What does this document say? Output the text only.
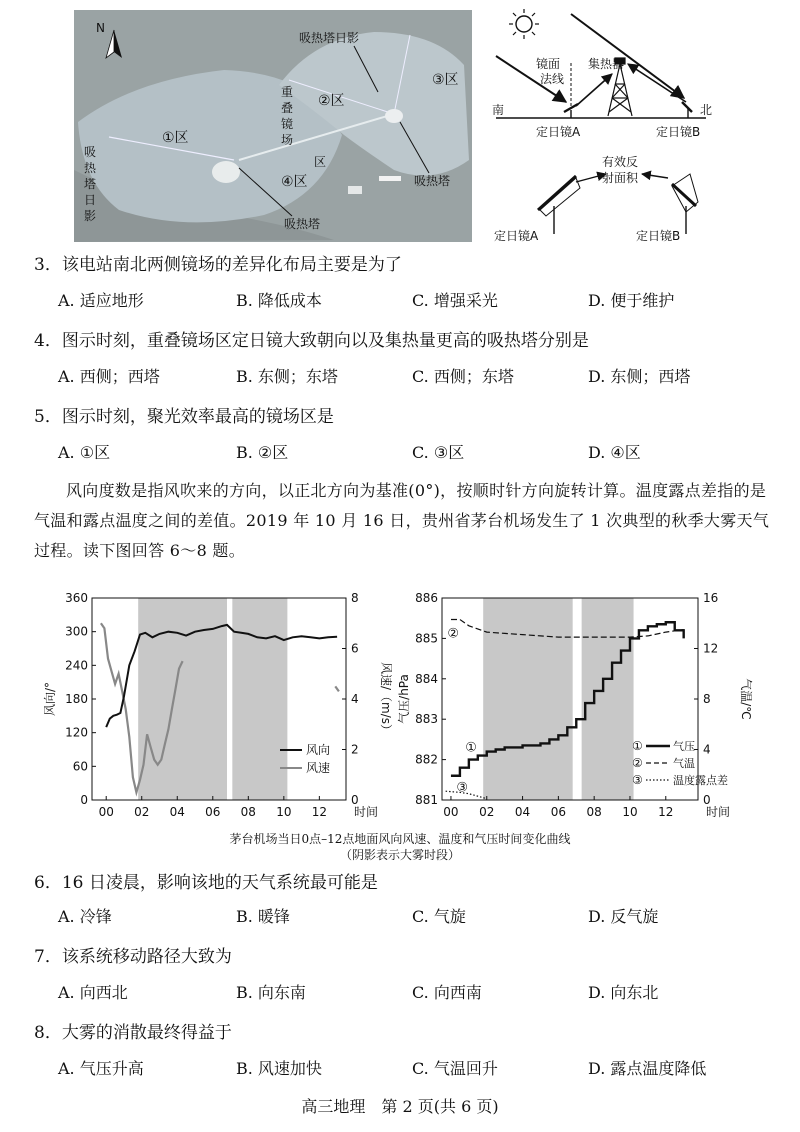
N
①区
②区
③区
④区
重
叠
镜
场
区
吸
热
塔
日
影
吸热塔日影
吸热塔
吸热塔
镜面
法线
集热器
南	北
定日镜A	定日镜B
有效反
射面积
定日镜A	定日镜B
3．该电站南北两侧镜场的差异化布局主要是为了
A. 适应地形	B. 降低成本	C. 增强采光	D. 便于维护
4．图示时刻，重叠镜场区定日镜大致朝向以及集热量更高的吸热塔分别是
A. 西侧；西塔	B. 东侧；东塔	C. 西侧；东塔	D. 东侧；西塔
5．图示时刻，聚光效率最高的镜场区是
A. ①区	B. ②区	C. ③区	D. ④区
风向度数是指风吹来的方向，以正北方向为基准(0°)，按顺时针方向旋转计算。温度露点差指的是气温和露点温度之间的差值。2019 年 10 月 16 日，贵州省茅台机场发生了 1 次典型的秋季大雾天气过程。读下图回答 6～8 题。
360
300
240
180
120
60
0
8
6
4
2
0
00 02 04 06 08 10 12 时间
风向/°	风速/（m/s）
风向
风速
886
885
884
883
882
881
16
12
8
4
0
00 02 04 06 08 10 12	时间
气压/hPa	气温/℃
②
①
③
①	气压
②	气温
③	温度露点差
茅台机场当日0点–12点地面风向风速、温度和气压时间变化曲线
（阴影表示大雾时段）
6．16 日凌晨，影响该地的天气系统最可能是
A. 冷锋	B. 暖锋	C. 气旋	D. 反气旋
7．该系统移动路径大致为
A. 向西北	B. 向东南	C. 向西南	D. 向东北
8．大雾的消散最终得益于
A. 气压升高	B. 风速加快	C. 气温回升	D. 露点温度降低
高三地理　第 2 页(共 6 页)
